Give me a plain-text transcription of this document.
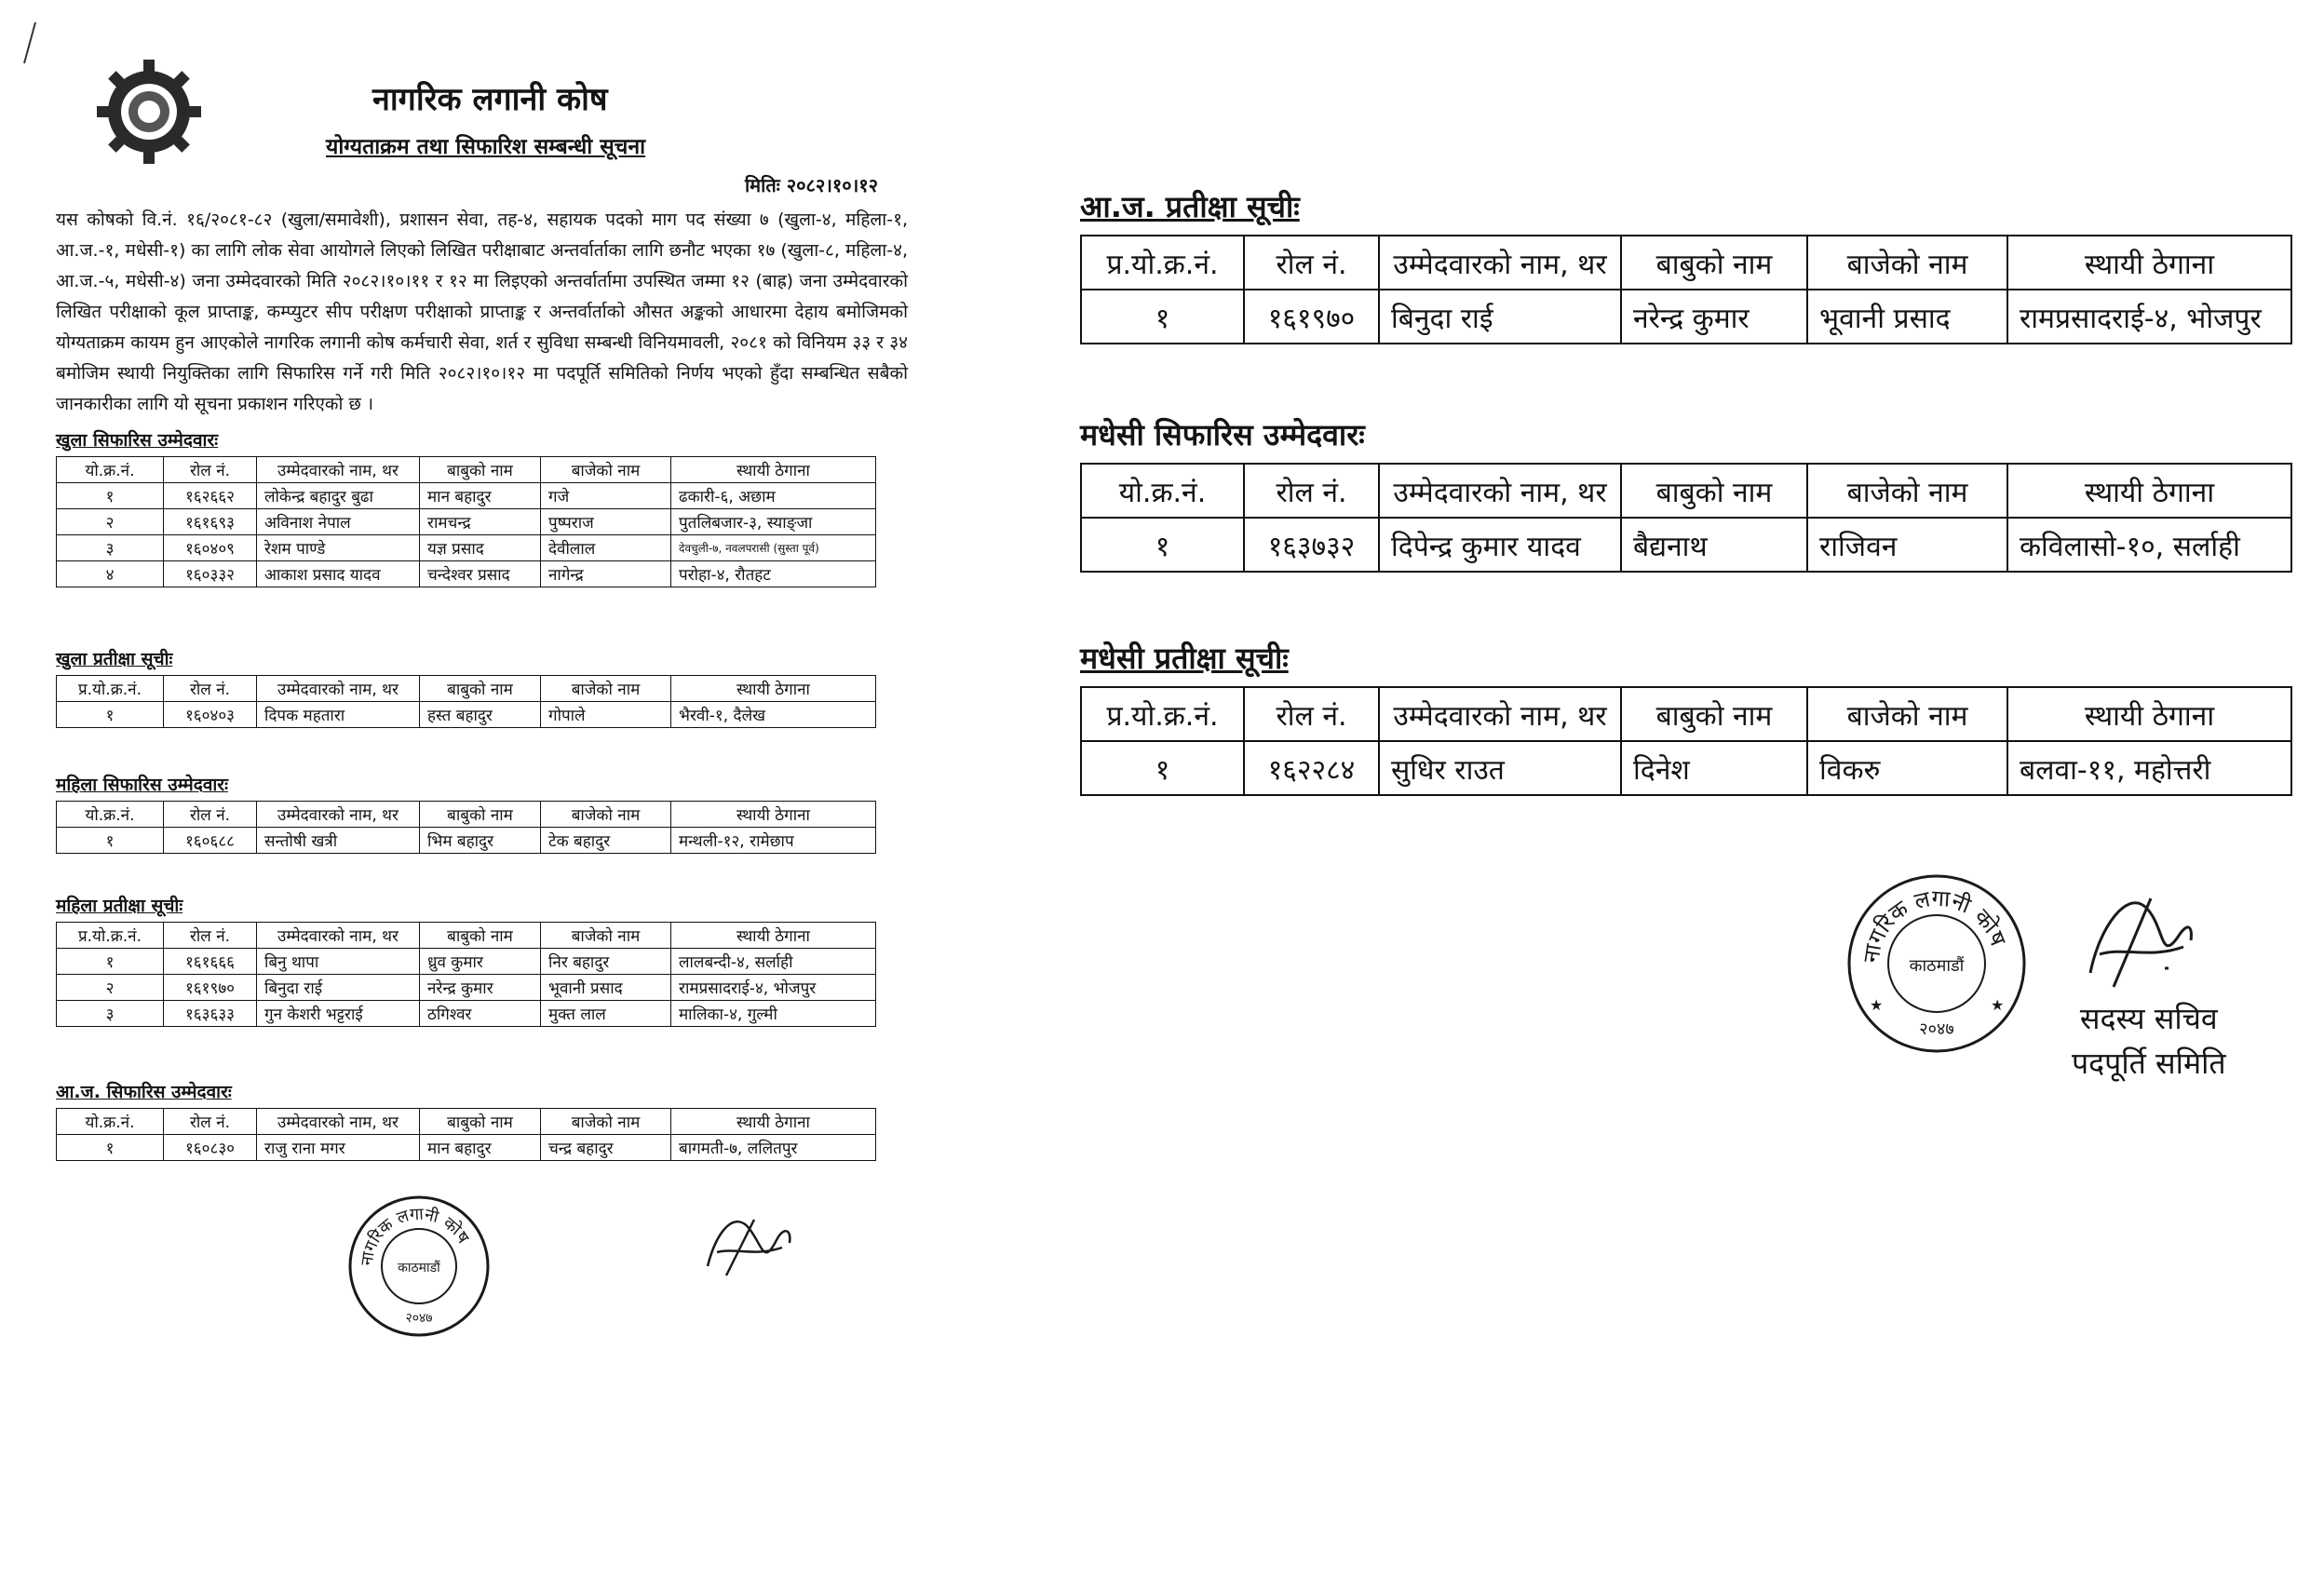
नागरिक लगानी कोष
योग्यताक्रम तथा सिफारिश सम्बन्धी सूचना
मितिः २०८२।१०।१२
यस कोषको वि.नं. १६/२०८१-८२ (खुला/समावेशी), प्रशासन सेवा, तह-४, सहायक पदको माग पद संख्या ७ (खुला-४, महिला-१, आ.ज.-१, मधेसी-१) का लागि लोक सेवा आयोगले लिएको लिखित परीक्षाबाट अन्तर्वार्ताका लागि छनौट भएका १७ (खुला-८, महिला-४, आ.ज.-५, मधेसी-४) जना उम्मेदवारको मिति २०८२।१०।११ र १२ मा लिइएको अन्तर्वार्तामा उपस्थित जम्मा १२ (बाह्र) जना उम्मेदवारको लिखित परीक्षाको कूल प्राप्ताङ्क, कम्प्युटर सीप परीक्षण परीक्षाको प्राप्ताङ्क र अन्तर्वार्ताको औसत अङ्कको आधारमा देहाय बमोजिमको योग्यताक्रम कायम हुन आएकोले नागरिक लगानी कोष कर्मचारी सेवा, शर्त र सुविधा सम्बन्धी विनियमावली, २०८१ को विनियम ३३ र ३४ बमोजिम स्थायी नियुक्तिका लागि सिफारिस गर्ने गरी मिति २०८२।१०।१२ मा पदपूर्ति समितिको निर्णय भएको हुँदा सम्बन्धित सबैको जानकारीका लागि यो सूचना प्रकाशन गरिएको छ ।
खुला सिफारिस उम्मेदवारः
यो.क्र.नं.	रोल नं.	उम्मेदवारको नाम, थर	बाबुको नाम	बाजेको नाम	स्थायी ठेगाना
१	१६२६६२	लोकेन्द्र बहादुर बुढा	मान बहादुर	गजे	ढकारी-६, अछाम
२	१६१६९३	अविनाश नेपाल	रामचन्द्र	पुष्पराज	पुतलिबजार-३, स्याङ्जा
३	१६०४०९	रेशम पाण्डे	यज्ञ प्रसाद	देवीलाल	देवचुली-७, नवलपरासी (सुस्ता पूर्व)
४	१६०३३२	आकाश प्रसाद यादव	चन्देश्वर प्रसाद	नागेन्द्र	परोहा-४, रौतहट
खुला प्रतीक्षा सूचीः
प्र.यो.क्र.नं.	रोल नं.	उम्मेदवारको नाम, थर	बाबुको नाम	बाजेको नाम	स्थायी ठेगाना
१	१६०४०३	दिपक महतारा	हस्त बहादुर	गोपाले	भैरवी-१, दैलेख
महिला सिफारिस उम्मेदवारः
यो.क्र.नं.	रोल नं.	उम्मेदवारको नाम, थर	बाबुको नाम	बाजेको नाम	स्थायी ठेगाना
१	१६०६८८	सन्तोषी खत्री	भिम बहादुर	टेक बहादुर	मन्थली-१२, रामेछाप
महिला प्रतीक्षा सूचीः
प्र.यो.क्र.नं.	रोल नं.	उम्मेदवारको नाम, थर	बाबुको नाम	बाजेको नाम	स्थायी ठेगाना
१	१६१६६६	बिनु थापा	ध्रुव कुमार	निर बहादुर	लालबन्दी-४, सर्लाही
२	१६१९७०	बिनुदा राई	नरेन्द्र कुमार	भूवानी प्रसाद	रामप्रसादराई-४, भोजपुर
३	१६३६३३	गुन केशरी भट्टराई	ठगिश्वर	मुक्त लाल	मालिका-४, गुल्मी
आ.ज. सिफारिस उम्मेदवारः
यो.क्र.नं.	रोल नं.	उम्मेदवारको नाम, थर	बाबुको नाम	बाजेको नाम	स्थायी ठेगाना
१	१६०८३०	राजु राना मगर	मान बहादुर	चन्द्र बहादुर	बागमती-७, ललितपुर
नागरिक लगानी कोष
काठमाडौं
२०४७
आ.ज. प्रतीक्षा सूचीः
प्र.यो.क्र.नं.	रोल नं.	उम्मेदवारको नाम, थर	बाबुको नाम	बाजेको नाम	स्थायी ठेगाना
१	१६१९७०	बिनुदा राई	नरेन्द्र कुमार	भूवानी प्रसाद	रामप्रसादराई-४, भोजपुर
मधेसी सिफारिस उम्मेदवारः
यो.क्र.नं.	रोल नं.	उम्मेदवारको नाम, थर	बाबुको नाम	बाजेको नाम	स्थायी ठेगाना
१	१६३७३२	दिपेन्द्र कुमार यादव	बैद्यनाथ	राजिवन	कविलासो-१०, सर्लाही
मधेसी प्रतीक्षा सूचीः
प्र.यो.क्र.नं.	रोल नं.	उम्मेदवारको नाम, थर	बाबुको नाम	बाजेको नाम	स्थायी ठेगाना
१	१६२२८४	सुधिर राउत	दिनेश	विकरु	बलवा-११, महोत्तरी
नागरिक लगानी कोष
काठमाडौं
२०४७
★	★	सदस्य सचिव
पदपूर्ति समिति
